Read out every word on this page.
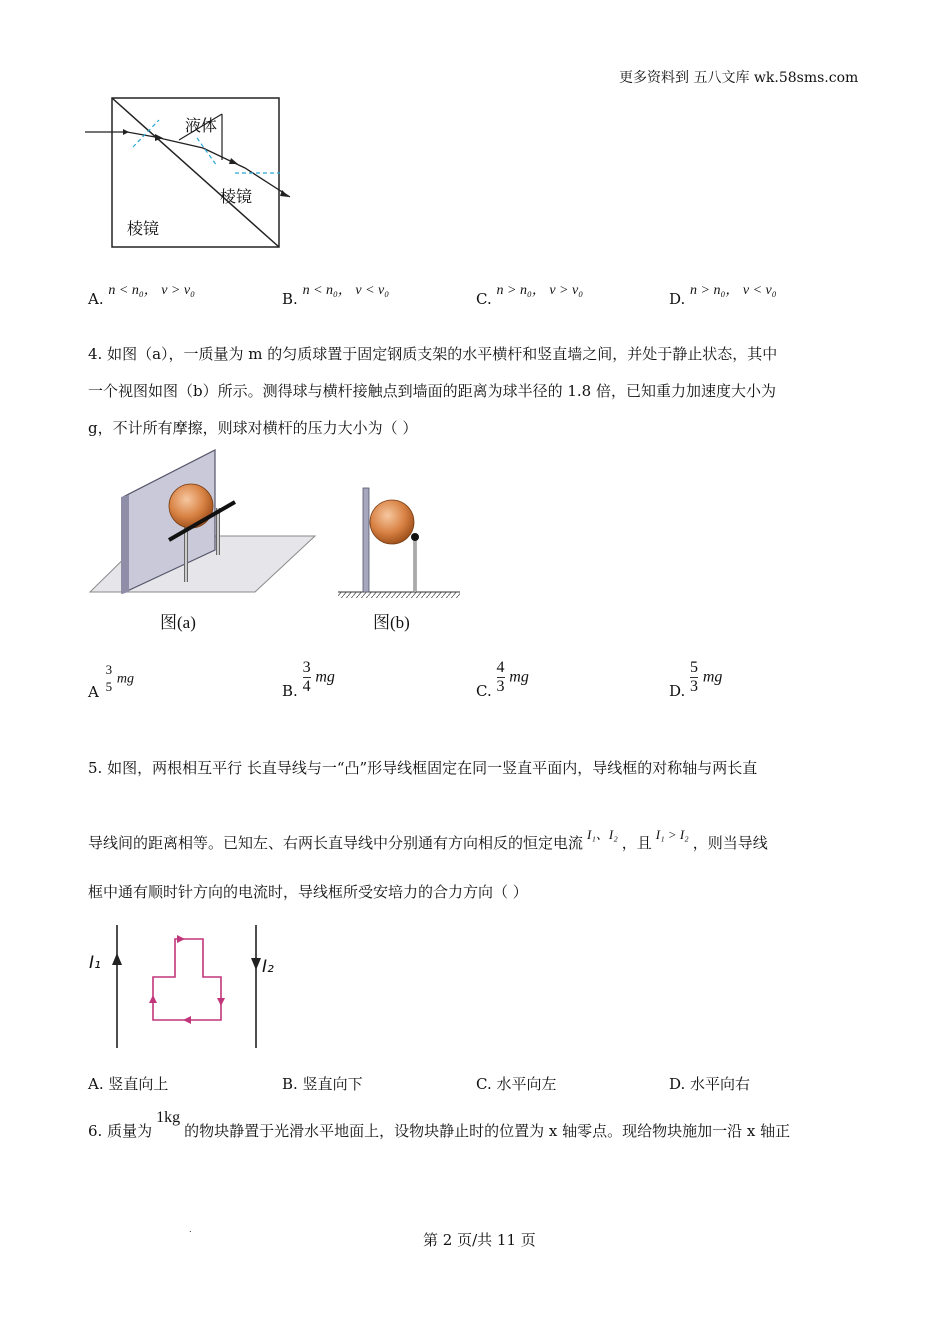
更多资料到 五八文库 wk.58sms.com
液体
棱镜
棱镜
A. n < n₀， v > v₀	B. n < n₀， v < v₀	C. n > n₀， v > v₀	D. n > n₀， v < v₀
4. 如图（a），一质量为 m 的匀质球置于固定钢质支架的水平横杆和竖直墙之间，并处于静止状态，其中
一个视图如图（b）所示。测得球与横杆接触点到墙面的距离为球半径的 1.8 倍，已知重力加速度大小为
g，不计所有摩擦，则球对横杆的压力大小为（ ）
图(a)	图(b)
A
3
5 mg
B. $\frac{3}{4}$ mg
C. $\frac{4}{3}$ mg
D. $\frac{5}{3}$ mg
5. 如图，两根相互平行 长直导线与一“凸”形导线框固定在同一竖直平面内，导线框的对称轴与两长直
导线间的距离相等。已知左、右两长直导线中分别通有方向相反的恒定电流 I₁、I₂ ，且 I₁ > I₂ ，则当导线
框中通有顺时针方向的电流时，导线框所受安培力的合力方向（ ）
I₁	I₂
A. 竖直向上	B. 竖直向下	C. 水平向左	D. 水平向右
6. 质量为1kg的物块静置于光滑水平地面上，设物块静止时的位置为 x 轴零点。现给物块施加一沿 x 轴正
.
第 2 页/共 11 页
